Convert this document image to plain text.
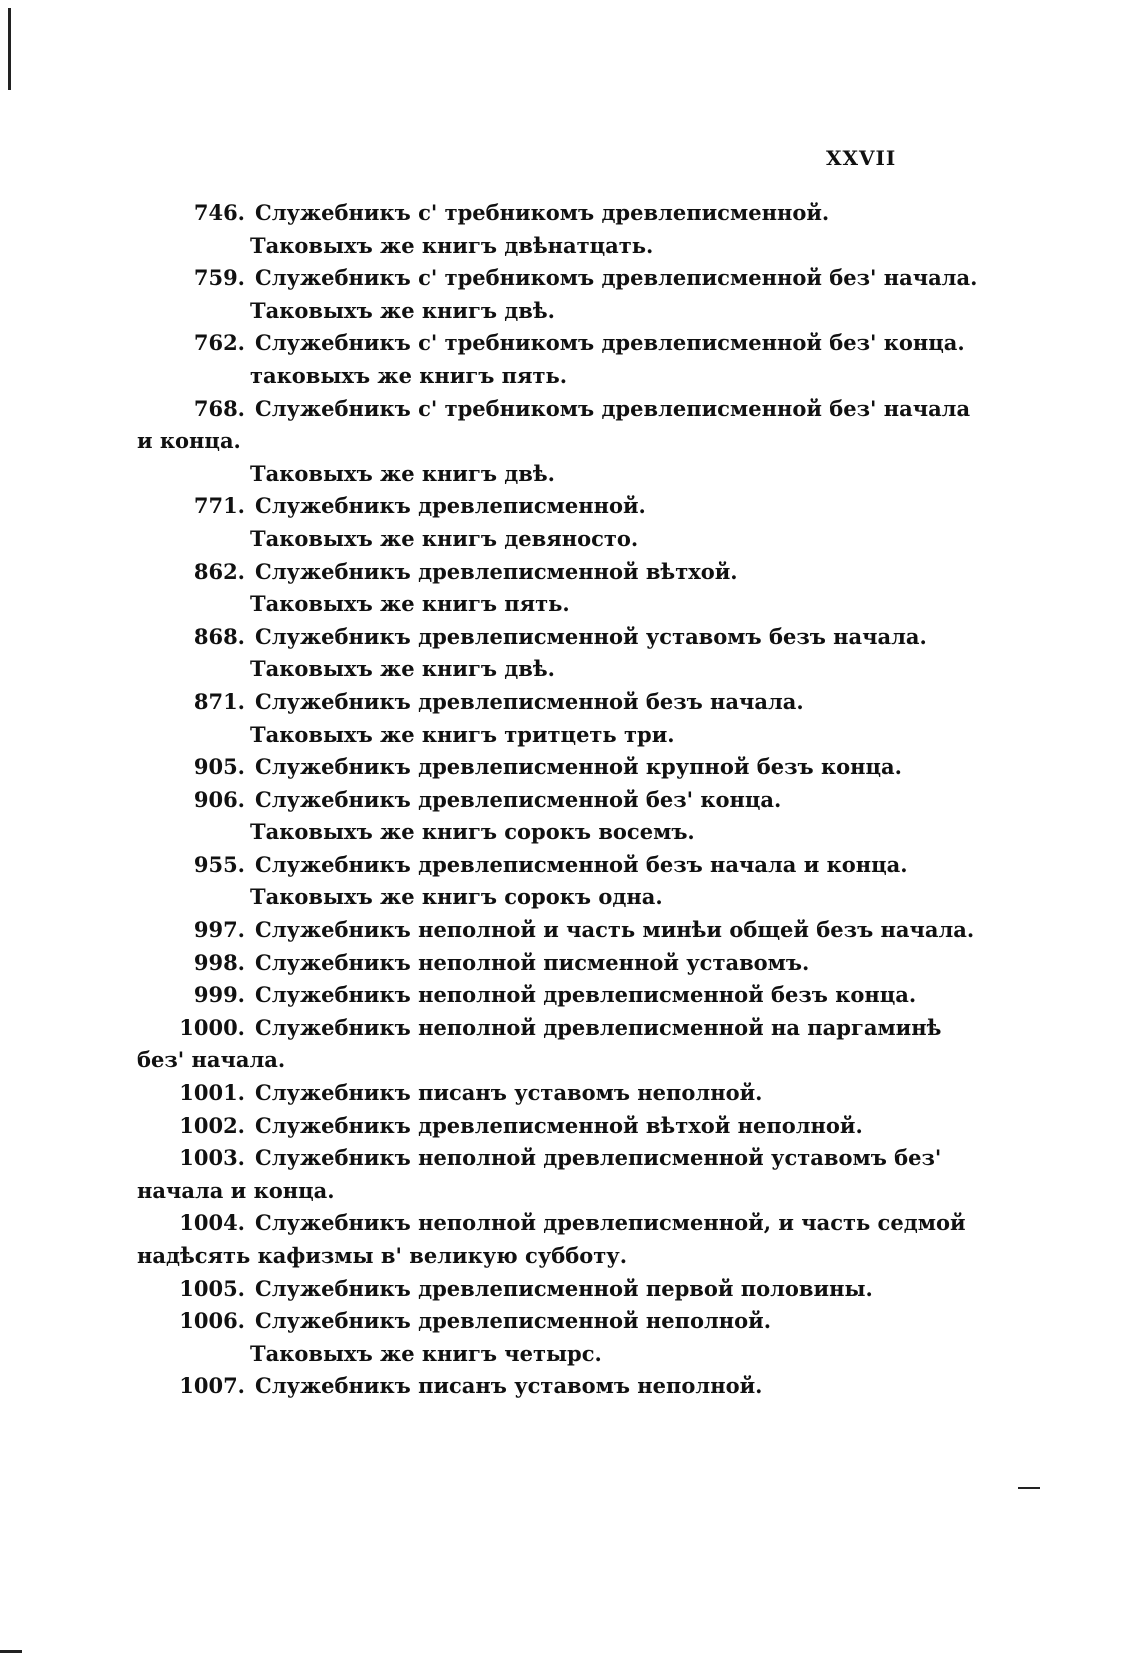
XXVII
746. Служебникъ с' требникомъ древлеписменной.
Таковыхъ же книгъ двѣнатцать.
759. Служебникъ с' требникомъ древлеписменной без' начала.
Таковыхъ же книгъ двѣ.
762. Служебникъ с' требникомъ древлеписменной без' конца.
таковыхъ же книгъ пять.
768. Служебникъ с' требникомъ древлеписменной без' начала
и конца.
Таковыхъ же книгъ двѣ.
771. Служебникъ древлеписменной.
Таковыхъ же книгъ девяносто.
862. Служебникъ древлеписменной вѣтхой.
Таковыхъ же книгъ пять.
868. Служебникъ древлеписменной уставомъ безъ начала.
Таковыхъ же книгъ двѣ.
871. Служебникъ древлеписменной безъ начала.
Таковыхъ же книгъ тритцеть три.
905. Служебникъ древлеписменной крупной безъ конца.
906. Служебникъ древлеписменной без' конца.
Таковыхъ же книгъ сорокъ восемъ.
955. Служебникъ древлеписменной безъ начала и конца.
Таковыхъ же книгъ сорокъ одна.
997. Служебникъ неполной и часть минѣи общей безъ начала.
998. Служебникъ неполной писменной уставомъ.
999. Служебникъ неполной древлеписменной безъ конца.
1000. Служебникъ неполной древлеписменной на паргаминѣ
без' начала.
1001. Служебникъ писанъ уставомъ неполной.
1002. Служебникъ древлеписменной вѣтхой неполной.
1003. Служебникъ неполной древлеписменной уставомъ без'
начала и конца.
1004. Служебникъ неполной древлеписменной, и часть седмой
надѣсять кафизмы в' великую субботу.
1005. Служебникъ древлеписменной первой половины.
1006. Служебникъ древлеписменной неполной.
Таковыхъ же книгъ четырс.
1007. Служебникъ писанъ уставомъ неполной.
